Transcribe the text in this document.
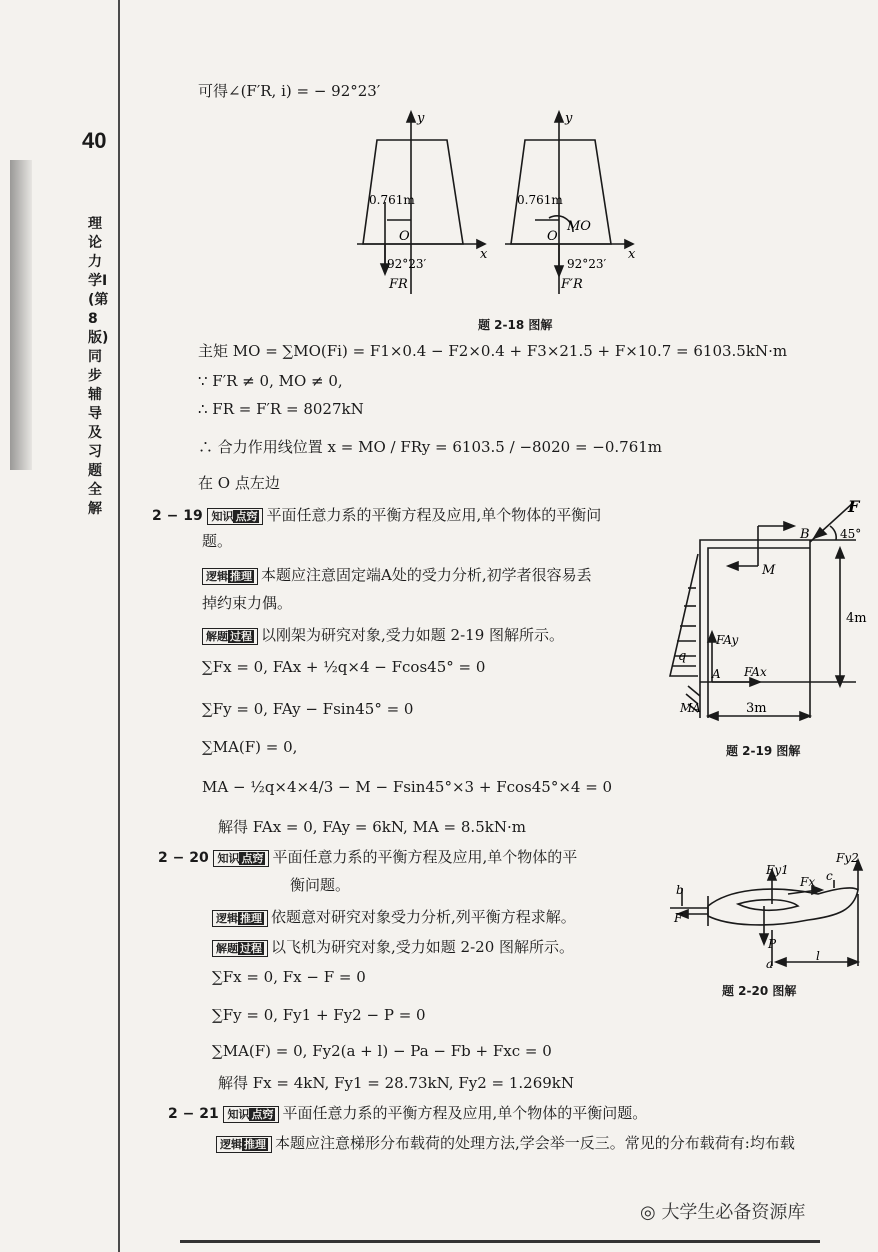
40
理论力学I(第8版)同步辅导及习题全解
可得∠(F′R, i) = − 92°23′
y
x
O
0.761m
92°23′
FR
y
x
O
0.761m
MO
92°23′
F′R
题 2-18 图解
主矩 MO = ∑MO(Fi) = F1×0.4 − F2×0.4 + F3×21.5 + F×10.7 = 6103.5kN·m
∵ F′R ≠ 0, MO ≠ 0,
∴ FR = F′R = 8027kN
∴ 合力作用线位置 x = MO / FRy = 6103.5 / −8020 = −0.761m
在 O 点左边
2 − 19 知识 点窍 平面任意力系的平衡方程及应用,单个物体的平衡问
题。
逻辑 推理 本题应注意固定端A处的受力分析,初学者很容易丢
掉约束力偶。
解题 过程 以刚架为研究对象,受力如题 2-19 图解所示。
∑Fx = 0, FAx + ½q×4 − Fcos45° = 0
∑Fy = 0, FAy − Fsin45° = 0
∑MA(F) = 0,
MA − ½q×4×4/3 − M − Fsin45°×3 + Fcos45°×4 = 0
解得 FAx = 0, FAy = 6kN, MA = 8.5kN·m
F
B	45°
M
4m
q
FAy
A FAx
MA	3m
题 2-19 图解
2 − 20 知识 点窍 平面任意力系的平衡方程及应用,单个物体的平
衡问题。
逻辑 推理 依题意对研究对象受力分析,列平衡方程求解。
解题 过程 以飞机为研究对象,受力如题 2-20 图解所示。
∑Fx = 0, Fx − F = 0
∑Fy = 0, Fy1 + Fy2 − P = 0
∑MA(F) = 0, Fy2(a + l) − Pa − Fb + Fxc = 0
解得 Fx = 4kN, Fy1 = 28.73kN, Fy2 = 1.269kN
b
F
Fy1
Fx c
Fy2
P
a
l
题 2-20 图解
2 − 21 知识 点窍 平面任意力系的平衡方程及应用,单个物体的平衡问题。
逻辑 推理 本题应注意梯形分布载荷的处理方法,学会举一反三。常见的分布载荷有:均布载
◎ 大学生必备资源库
